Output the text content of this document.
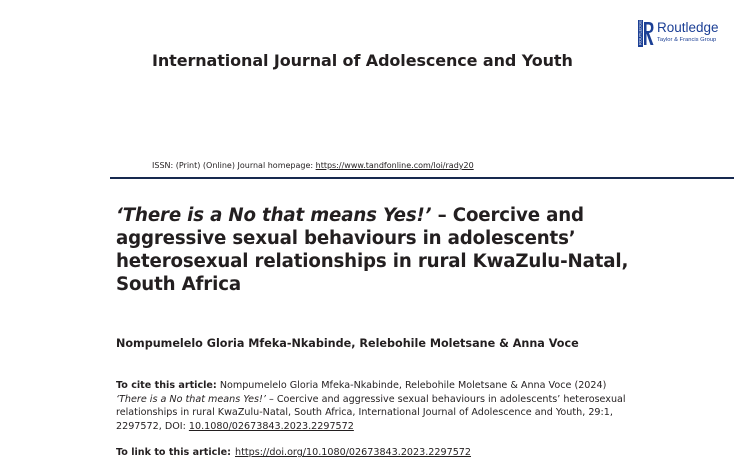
International Journal of Adolescence and Youth
ROUTLEDGE Routledge
Taylor & Francis Group
ISSN: (Print) (Online) Journal homepage: https://www.tandfonline.com/loi/rady20
‘There is a No that means Yes!’ – Coercive and aggressive sexual behaviours in adolescents’ heterosexual relationships in rural KwaZulu-Natal, South Africa
Nompumelelo Gloria Mfeka-Nkabinde, Relebohile Moletsane & Anna Voce
To cite this article: Nompumelelo Gloria Mfeka-Nkabinde, Relebohile Moletsane & Anna Voce (2024) ‘There is a No that means Yes!’ – Coercive and aggressive sexual behaviours in adolescents’ heterosexual relationships in rural KwaZulu-Natal, South Africa, International Journal of Adolescence and Youth, 29:1, 2297572, DOI: 10.1080/02673843.2023.2297572
To link to this article: https://doi.org/10.1080/02673843.2023.2297572
